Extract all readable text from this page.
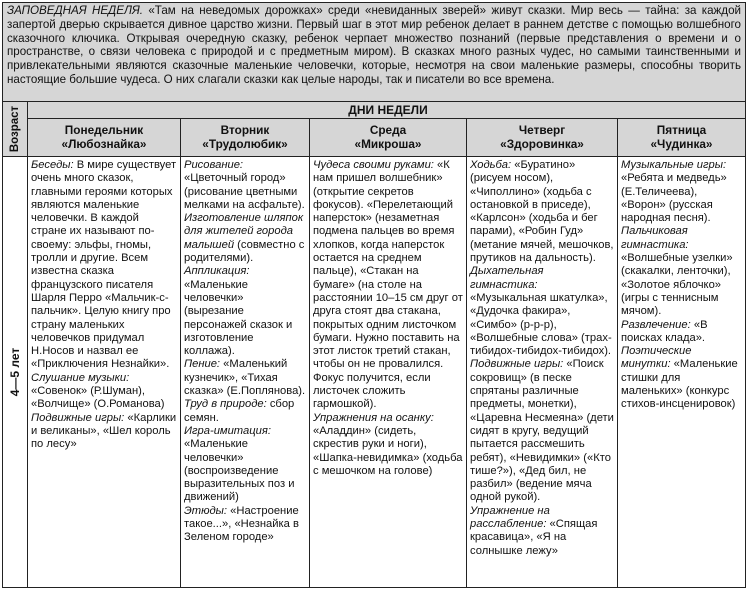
ЗАПОВЕДНАЯ НЕДЕЛЯ. «Там на неведомых дорожках» среди «невиданных зверей» живут сказки. Мир весь — тайна: за каждой запертой дверью скрывается дивное царство жизни. Первый шаг в этот мир ребенок делает в раннем детстве с помощью волшебного сказочного ключика. Открывая очередную сказку, ребенок черпает множество познаний (первые представления о времени и о пространстве, о связи человека с природой и с предметным миром). В сказках много разных чудес, но самыми таинственными и привлекательными являются сказочные маленькие человечки, которые, несмотря на свои маленькие размеры, способны творить настоящие большие чудеса. О них слагали сказки как целые народы, так и писатели во все времена.
ДНИ НЕДЕЛИ
Возраст	Понедельник
«Любознайка»
Вторник
«Трудолюбик»
Среда
«Микроша»
Четверг
«Здоровинка»
Пятница
«Чудинка»
4—5 лет

Беседы: В мире существует очень много сказок, главными героями которых являются маленькие человечки. В каждой стране их называют по-своему: эльфы, гномы, тролли и другие. Всем известна сказка французского писателя Шарля Перро «Мальчик-с-пальчик». Целую книгу про страну маленьких человечков придумал Н.Носов и назвал ее «Приключения Незнайки».

Слушание музыки: «Совенок» (Р.Шуман), «Волчище» (О.Романова)

Подвижные игры: «Карлики и великаны», «Шел король по лесу»

Рисование: «Цветочный город» (рисование цветными мелками на асфальте).

Изготовление шляпок для жителей города малышей (совместно с родителями).

Аппликация: «Маленькие человечки» (вырезание персонажей сказок и изготовление коллажа).

Пение: «Маленький кузнечик», «Тихая сказка» (Е.Поплянова).

Труд в природе: сбор семян.

Игра-имитация: «Маленькие человечки» (воспроизведение выразительных поз и движений)

Этюды: «Настроение такое...», «Незнайка в Зеленом городе»

Чудеса своими руками: «К нам пришел волшебник» (открытие секретов фокусов). «Перелетающий наперсток» (незаметная подмена пальцев во время хлопков, когда наперсток остается на среднем пальце), «Стакан на бумаге» (на столе на расстоянии 10–15 см друг от друга стоят два стакана, покрытых одним листочком бумаги. Нужно поставить на этот листок третий стакан, чтобы он не провалился. Фокус получится, если листочек сложить гармошкой).

Упражнения на осанку: «Аладдин» (сидеть, скрестив руки и ноги), «Шапка-невидимка» (ходьба с мешочком на голове)

Ходьба: «Буратино» (рисуем носом), «Чиполлино» (ходьба с остановкой в приседе), «Карлсон» (ходьба и бег парами), «Робин Гуд» (метание мячей, мешочков, прутиков на дальность).

Дыхательная гимнастика: «Музыкальная шкатулка», «Дудочка факира», «Симбо» (р-р-р), «Волшебные слова» (трах-тибидох-тибидох-тибидох).

Подвижные игры: «Поиск сокровищ» (в песке спрятаны различные предметы, монетки), «Царевна Несмеяна» (дети сидят в кругу, ведущий пытается рассмешить ребят), «Невидимки» («Кто тише?»), «Дед бил, не разбил» (ведение мяча одной рукой).

Упражнение на расслабление: «Спящая красавица», «Я на солнышке лежу»

Музыкальные игры: «Ребята и медведь» (Е.Теличеева), «Ворон» (русская народная песня).

Пальчиковая гимнастика: «Волшебные узелки» (скакалки, ленточки), «Золотое яблочко» (игры с теннисным мячом).

Развлечение: «В поисках клада».

Поэтические минутки: «Маленькие стишки для маленьких» (конкурс стихов-инсценировок)
